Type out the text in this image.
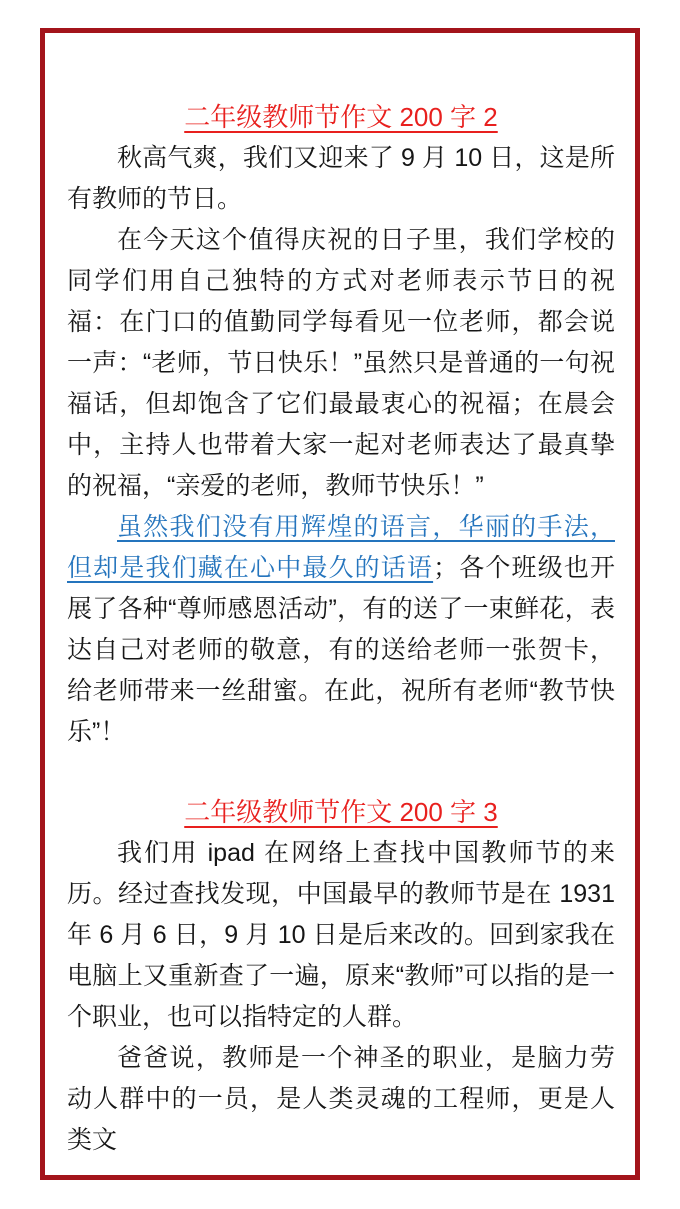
二年级教师节作文 200 字 2

秋高气爽，我们又迎来了 9 月 10 日，这是所有教师的节日。

在今天这个值得庆祝的日子里，我们学校的同学们用自己独特的方式对老师表示节日的祝福：在门口的值勤同学每看见一位老师，都会说一声：“老师，节日快乐！”虽然只是普通的一句祝福话，但却饱含了它们最最衷心的祝福；在晨会中，主持人也带着大家一起对老师表达了最真挚的祝福，“亲爱的老师，教师节快乐！”

虽然我们没有用辉煌的语言，华丽的手法，但却是我们藏在心中最久的话语；各个班级也开展了各种“尊师感恩活动”，有的送了一束鲜花，表达自己对老师的敬意，有的送给老师一张贺卡，给老师带来一丝甜蜜。在此，祝所有老师“教节快乐”！

二年级教师节作文 200 字 3

我们用 ipad 在网络上查找中国教师节的来历。经过查找发现，中国最早的教师节是在 1931 年 6 月 6 日，9 月 10 日是后来改的。回到家我在电脑上又重新查了一遍，原来“教师”可以指的是一个职业，也可以指特定的人群。

爸爸说，教师是一个神圣的职业，是脑力劳动人群中的一员，是人类灵魂的工程师，更是人类文
